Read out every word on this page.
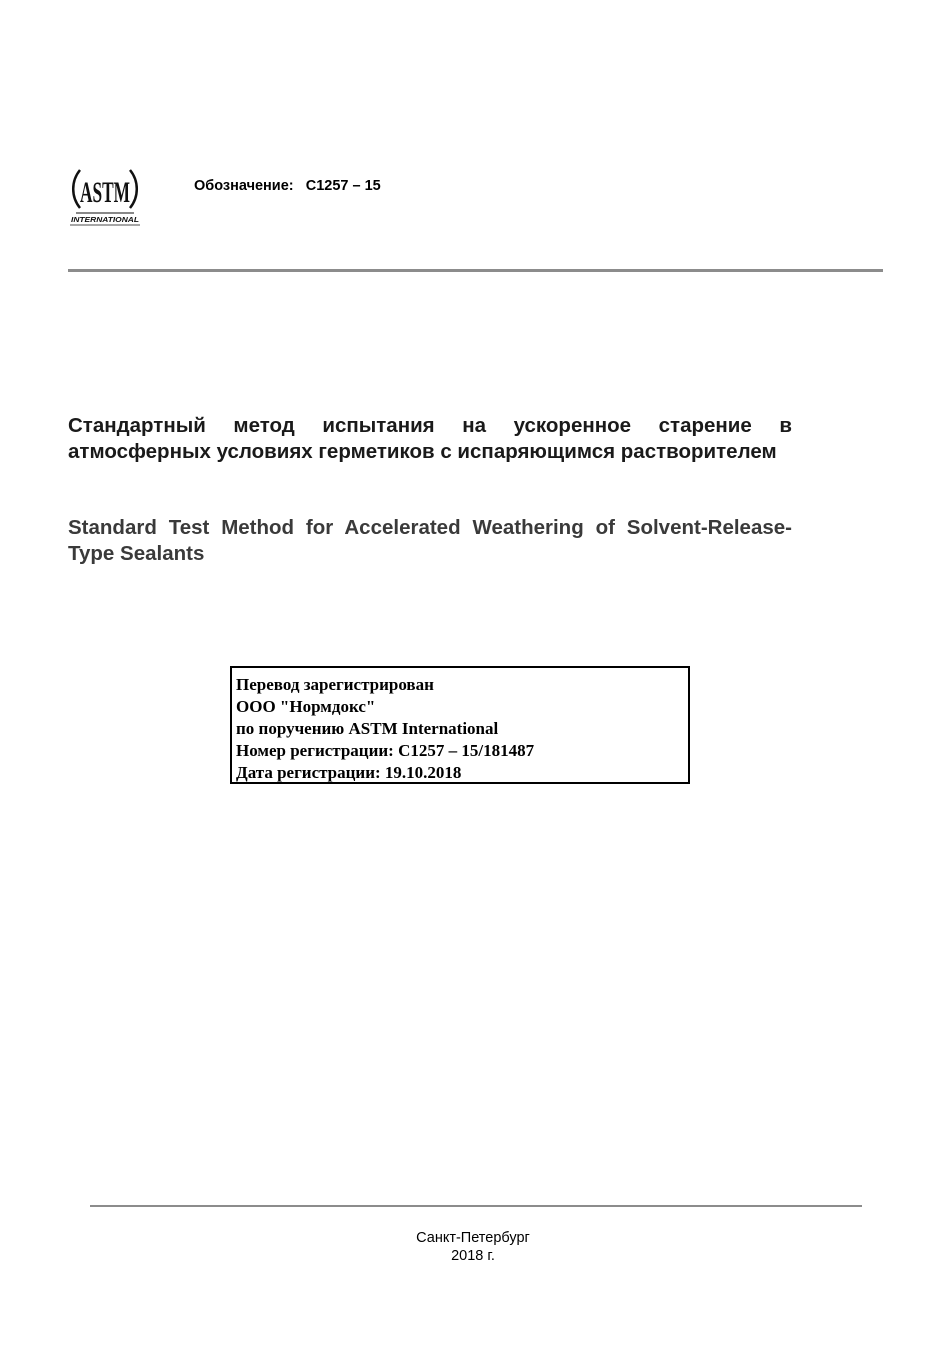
ASTM
INTERNATIONAL
Обозначение: C1257 – 15
Стандартный метод испытания на ускоренное старение в атмосферных условиях герметиков с испаряющимся растворителем
Standard Test Method for Accelerated Weathering of Solvent-Release-Type Sealants
Перевод зарегистрирован
ООО "Нормдокс"
по поручению ASTM International
Номер регистрации: C1257 – 15/181487
Дата регистрации: 19.10.2018
Санкт-Петербург
2018 г.
